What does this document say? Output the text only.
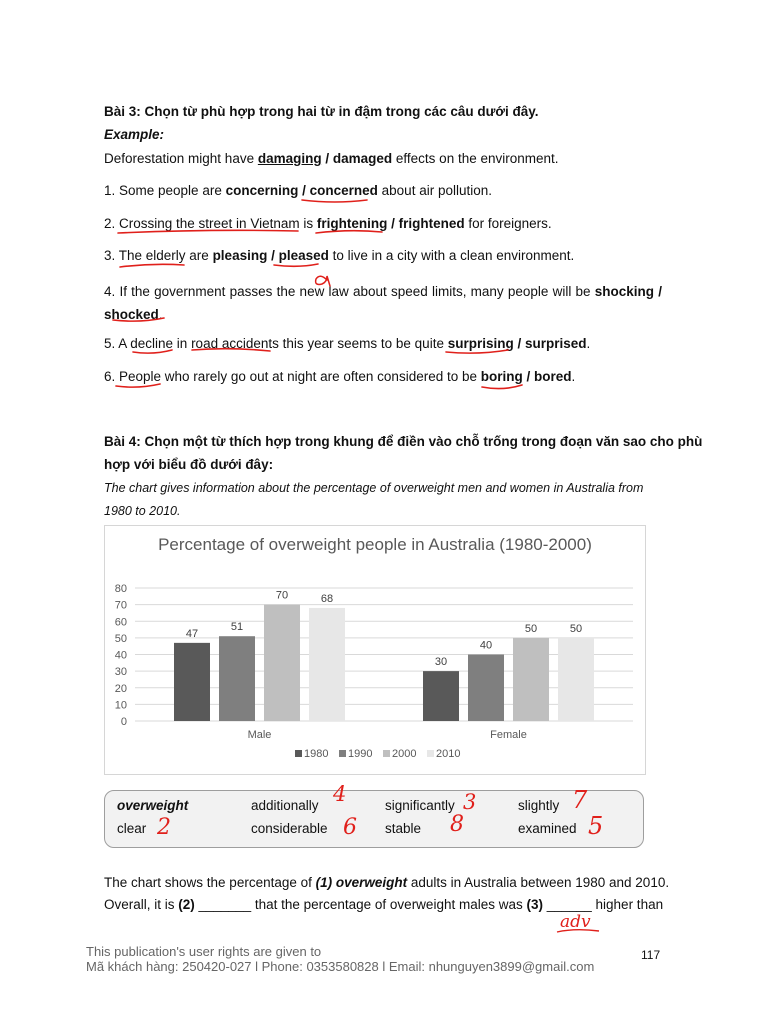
Bài 3: Chọn từ phù hợp trong hai từ in đậm trong các câu dưới đây.
Example:
Deforestation might have damaging / damaged effects on the environment.
1. Some people are concerning / concerned about air pollution.
2. Crossing the street in Vietnam is frightening / frightened for foreigners.
3. The elderly are pleasing / pleased to live in a city with a clean environment.
4. If the government passes the new law about speed limits, many people will be shocking / shocked.
5. A decline in road accidents this year seems to be quite surprising / surprised.
6. People who rarely go out at night are often considered to be boring / bored.
Bài 4: Chọn một từ thích hợp trong khung để điền vào chỗ trống trong đoạn văn sao cho phù
hợp với biểu đồ dưới đây:
The chart gives information about the percentage of overweight men and women in Australia from
1980 to 2010.
Percentage of overweight people in Australia (1980-2000)
0
10
20
30
40
50
60
70
80
47
51
70	68
Male
30
40
50	50
Female
1980 1990 2000 2010
overweight	additionally	significantly	slightly
clear	considerable	stable	examined
4	3	7
2	6	8	5
The chart shows the percentage of (1) overweight adults in Australia between 1980 and 2010.
Overall, it is (2) _______ that the percentage of overweight males was (3) ______ higher than
adv
This publication's user rights are given to
Mã khách hàng: 250420-027 l Phone: 0353580828 l Email: nhunguyen3899@gmail.com
117
